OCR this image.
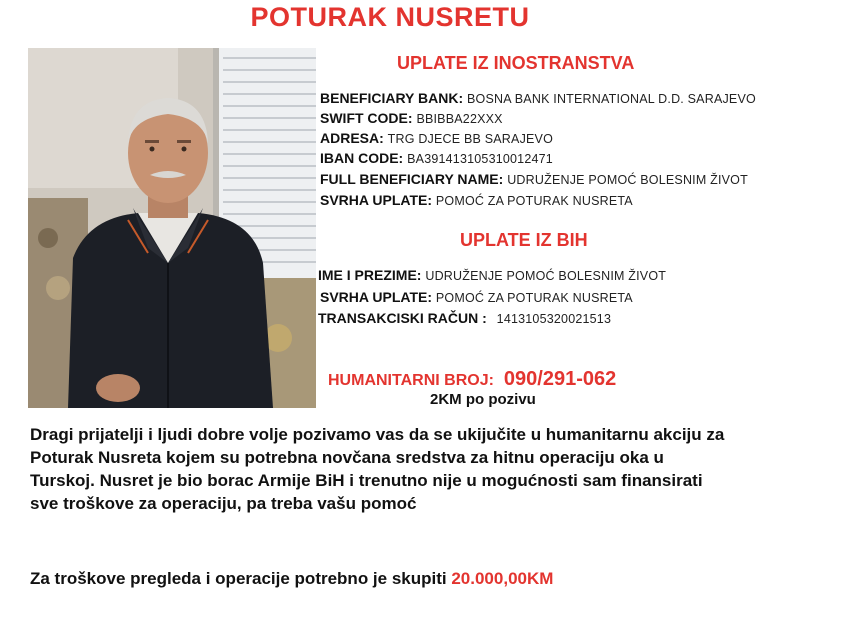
POTURAK NUSRETU
UPLATE IZ INOSTRANSTVA
BENEFICIARY BANK: BOSNA BANK INTERNATIONAL D.D. SARAJEVO
SWIFT CODE: BBIBBA22XXX
ADRESA: TRG DJECE BB SARAJEVO
IBAN CODE: BA391413105310012471
FULL BENEFICIARY NAME: UDRUŽENJE POMOĆ BOLESNIM ŽIVOT
SVRHA UPLATE: POMOĆ ZA POTURAK NUSRETA
UPLATE IZ BIH
IME I PREZIME: UDRUŽENJE POMOĆ BOLESNIM ŽIVOT
SVRHA UPLATE: POMOĆ ZA POTURAK NUSRETA
TRANSAKCISKI RAČUN : 1413105320021513
HUMANITARNI BROJ: 090/291-062
2KM po pozivu
Dragi prijatelji i ljudi dobre volje pozivamo vas da se ukijučite u humanitarnu akciju za Poturak Nusreta kojem su potrebna novčana sredstva za hitnu operaciju oka u Turskoj. Nusret je bio borac Armije BiH i trenutno nije u mogućnosti sam finansirati sve troškove za operaciju, pa treba vašu pomoć
Za troškove pregleda i operacije potrebno je skupiti 20.000,00KM
